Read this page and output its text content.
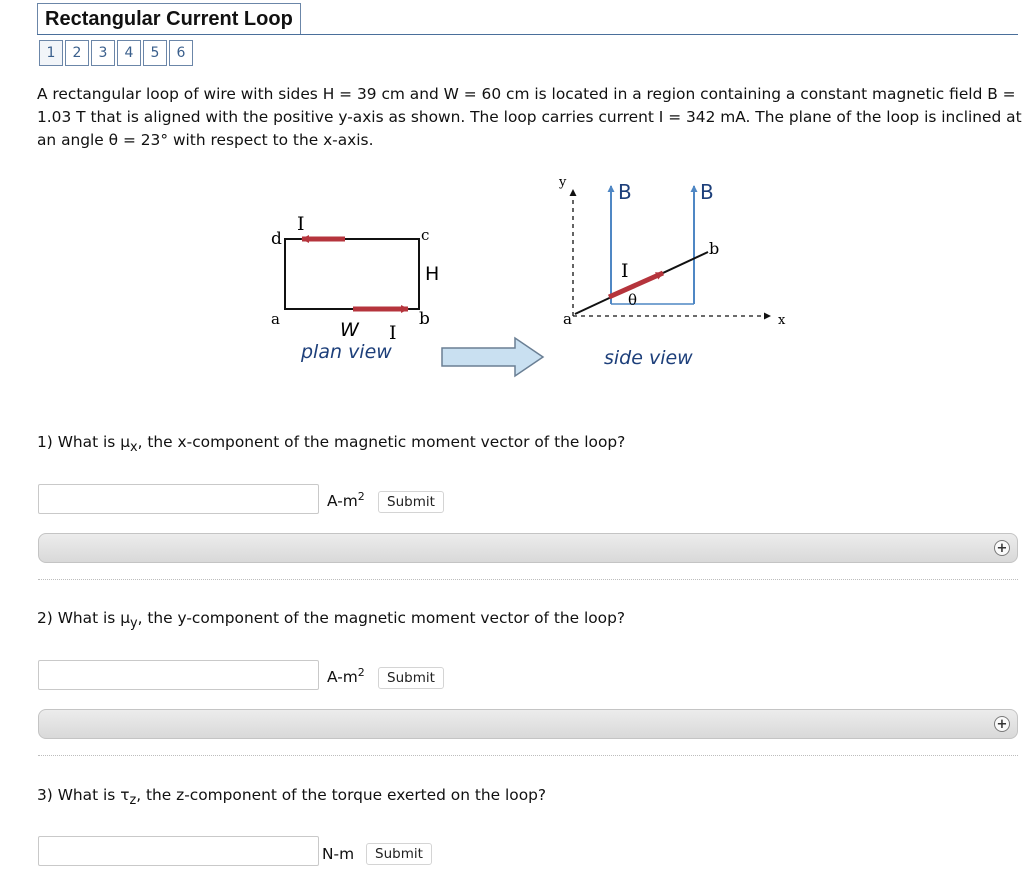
Rectangular Current Loop
1	2	3	4	5	6
A rectangular loop of wire with sides H = 39 cm and W = 60 cm is located in a region containing a constant magnetic field B = 1.03 T that is aligned with the positive y-axis as shown. The loop carries current I = 342 mA. The plane of the loop is inclined at an angle θ = 23° with respect to the x-axis.
d	c
a	b
I
I
H
W
plan view
y
x
B	B
a
b
I
θ
side view
1) What is $\mu_x$, the x-component of the magnetic moment vector of the loop?
$A-m^2$	Submit
+
2) What is $\mu_y$, the y-component of the magnetic moment vector of the loop?
$A-m^2$	Submit
+
3) What is $\tau_z$, the z-component of the torque exerted on the loop?
N-m	Submit
